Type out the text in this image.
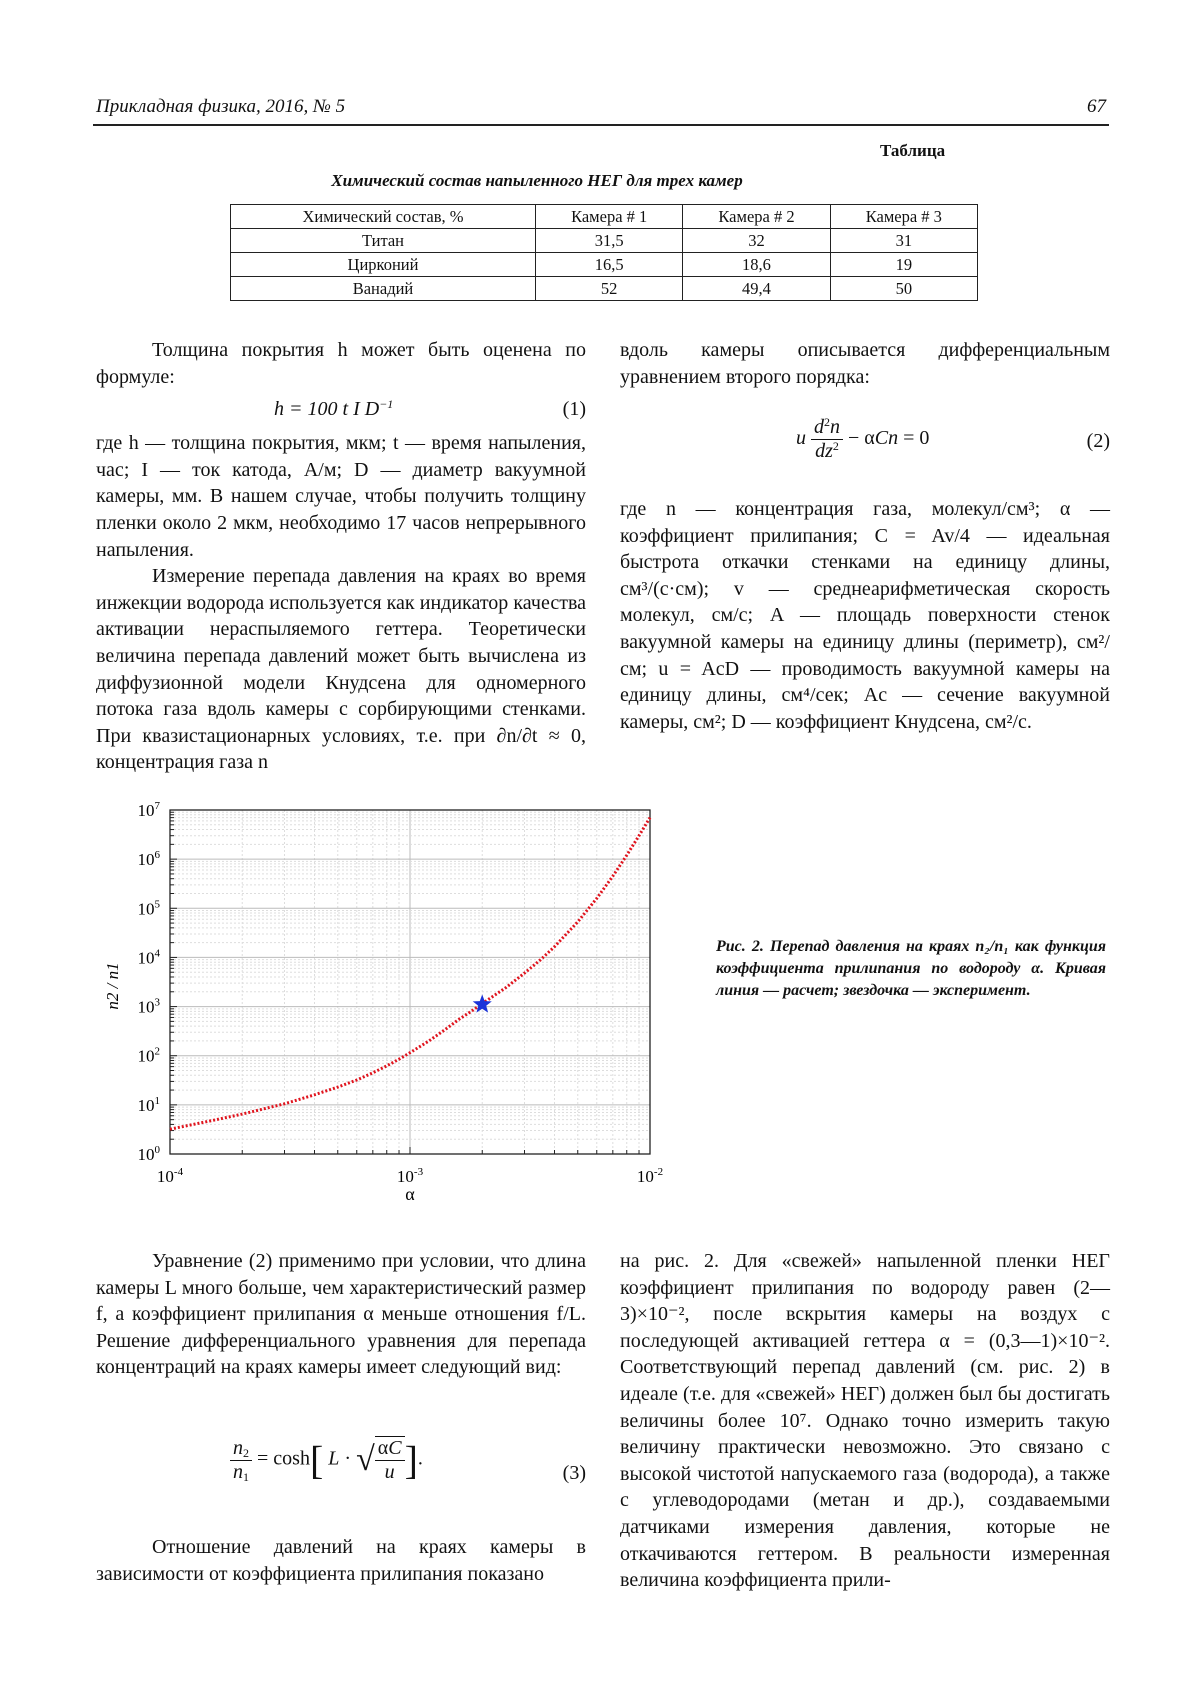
Прикладная физика, 2016, № 5	67
Таблица
Химический состав напыленного НЕГ для трех камер
Химический состав, %	Камера # 1	Камера # 2	Камера # 3
Титан	31,5	32	31
Цирконий	16,5	18,6	19
Ванадий	52	49,4	50

Толщина покрытия h может быть оценена по формуле:

h = 100 t I $D^{-1}$	(1)

где h — толщина покрытия, мкм; t — время напыления, час; I — ток катода, А/м; D — диаметр вакуумной камеры, мм. В нашем случае, чтобы получить толщину пленки около 2 мкм, необходимо 17 часов непрерывного напыления.

Измерение перепада давления на краях во время инжекции водорода используется как индикатор качества активации нераспыляемого геттера. Теоретически величина перепада давлений может быть вычислена из диффузионной модели Кнудсена для одномерного потока газа вдоль камеры с сорбирующими стенками. При квазистационарных условиях, т.е. при ∂n/∂t ≈ 0, концентрация газа n

вдоль камеры описывается дифференциальным уравнением второго порядка:

u $\frac{d^2n}{dz^2} - \alpha Cn = 0$	(2)

где n — концентрация газа, молекул/см³; α — коэффициент прилипания; C = Av/4 — идеальная быстрота откачки стенками на единицу длины, см³/(с·см); v — среднеарифметическая скорость молекул, см/с; A — площадь поверхности стенок вакуумной камеры на единицу длины (периметр), см²/см; u = AcD — проводимость вакуумной камеры на единицу длины, см⁴/сек; Ac — сечение вакуумной камеры, см²; D — коэффициент Кнудсена, см²/с.

$10^{-4}$	$10^{-3}$	$10^{-2}$
$10^0$
$10^1$
$10^2$
$10^3$
$10^4$
$10^5$
$10^6$
$10^7$
α
n2 / n1
Рис. 2. Перепад давления на краях n₂/n₁ как функция коэффициента прилипания по водороду α. Кривая линия — расчет; звездочка — эксперимент.

Уравнение (2) применимо при условии, что длина камеры L много больше, чем характеристический размер f, а коэффициент прилипания α меньше отношения f/L. Решение дифференциального уравнения для перепада концентраций на краях камеры имеет следующий вид:

$\frac{n_2}{n_1} = \cosh$[ L · √ $\frac{\alpha C}{u}$ ].
(3)

Отношение давлений на краях камеры в зависимости от коэффициента прилипания показано

на рис. 2. Для «свежей» напыленной пленки НЕГ коэффициент прилипания по водороду равен (2—3)×10⁻², после вскрытия камеры на воздух с последующей активацией геттера α = (0,3—1)×10⁻². Соответствующий перепад давлений (см. рис. 2) в идеале (т.е. для «свежей» НЕГ) должен был бы достигать величины более 10⁷. Однако точно измерить такую величину практически невозможно. Это связано с высокой чистотой напускаемого газа (водорода), а также с углеводородами (метан и др.), создаваемыми датчиками измерения давления, которые не откачиваются геттером. В реальности измеренная величина коэффициента прили-
